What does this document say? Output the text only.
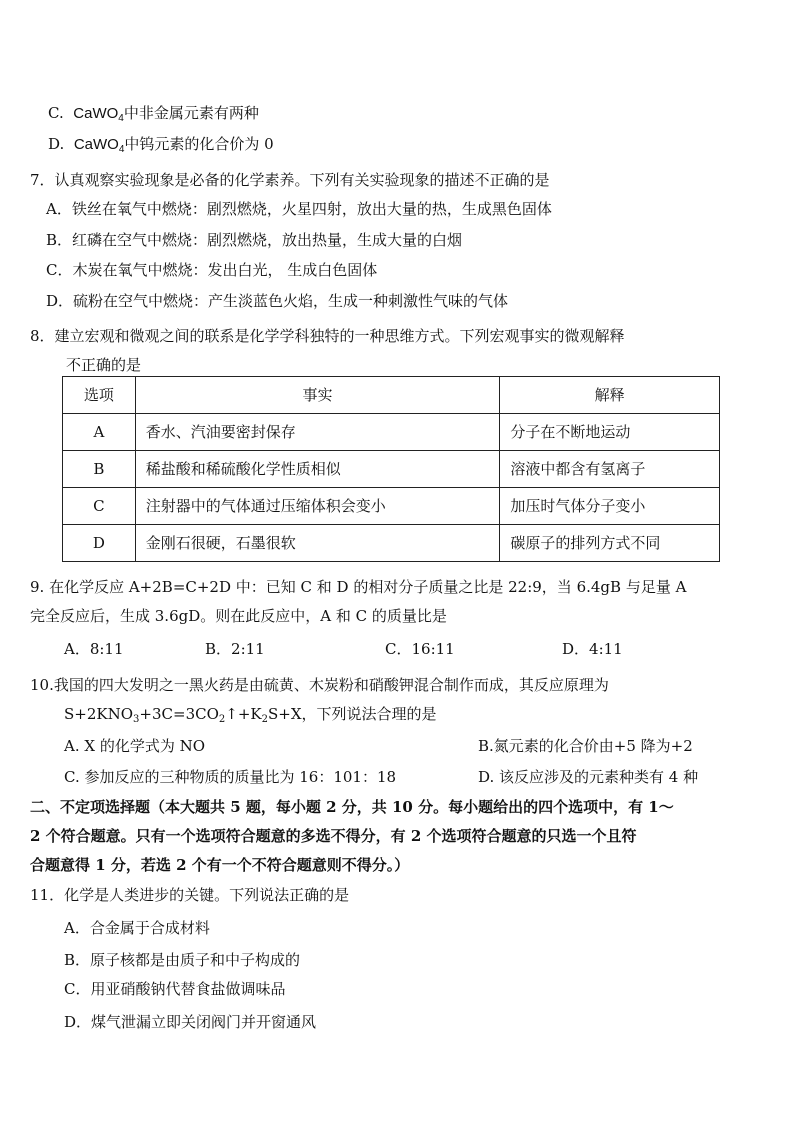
C. CaWO$_4$中非金属元素有两种
D. CaWO$_4$中钨元素的化合价为 0
7．认真观察实验现象是必备的化学素养。下列有关实验现象的描述不正确的是
A．铁丝在氧气中燃烧：剧烈燃烧，火星四射，放出大量的热，生成黑色固体
B．红磷在空气中燃烧：剧烈燃烧，放出热量，生成大量的白烟
C．木炭在氧气中燃烧：发出白光， 生成白色固体
D．硫粉在空气中燃烧：产生淡蓝色火焰，生成一种刺激性气味的气体
8．建立宏观和微观之间的联系是化学学科独特的一种思维方式。下列宏观事实的微观解释
不正确的是
选项	事实	解释
A	香水、汽油要密封保存	分子在不断地运动
B	稀盐酸和稀硫酸化学性质相似	溶液中都含有氢离子
C	注射器中的气体通过压缩体积会变小	加压时气体分子变小
D	金刚石很硬，石墨很软	碳原子的排列方式不同
9. 在化学反应 A+2B=C+2D 中：已知 C 和 D 的相对分子质量之比是 22:9，当 6.4gB 与足量 A
完全反应后，生成 3.6gD。则在此反应中，A 和 C 的质量比是
A．8:11	B．2:11	C．16:11	D．4:11
10.我国的四大发明之一黑火药是由硫黄、木炭粉和硝酸钾混合制作而成，其反应原理为
$S+2KNO_3+3C=3CO_2↑+K_2S+X$，下列说法合理的是
A. X 的化学式为 NO	B.氮元素的化合价由+5 降为+2
C. 参加反应的三种物质的质量比为 16：101：18	D. 该反应涉及的元素种类有 4 种
二、不定项选择题（本大题共 5 题，每小题 2 分，共 10 分。每小题给出的四个选项中，有 1～
2 个符合题意。只有一个选项符合题意的多选不得分，有 2 个选项符合题意的只选一个且符
合题意得 1 分，若选 2 个有一个不符合题意则不得分。）
11．化学是人类进步的关键。下列说法正确的是
A．合金属于合成材料
B．原子核都是由质子和中子构成的
C．用亚硝酸钠代替食盐做调味品
D．煤气泄漏立即关闭阀门并开窗通风
